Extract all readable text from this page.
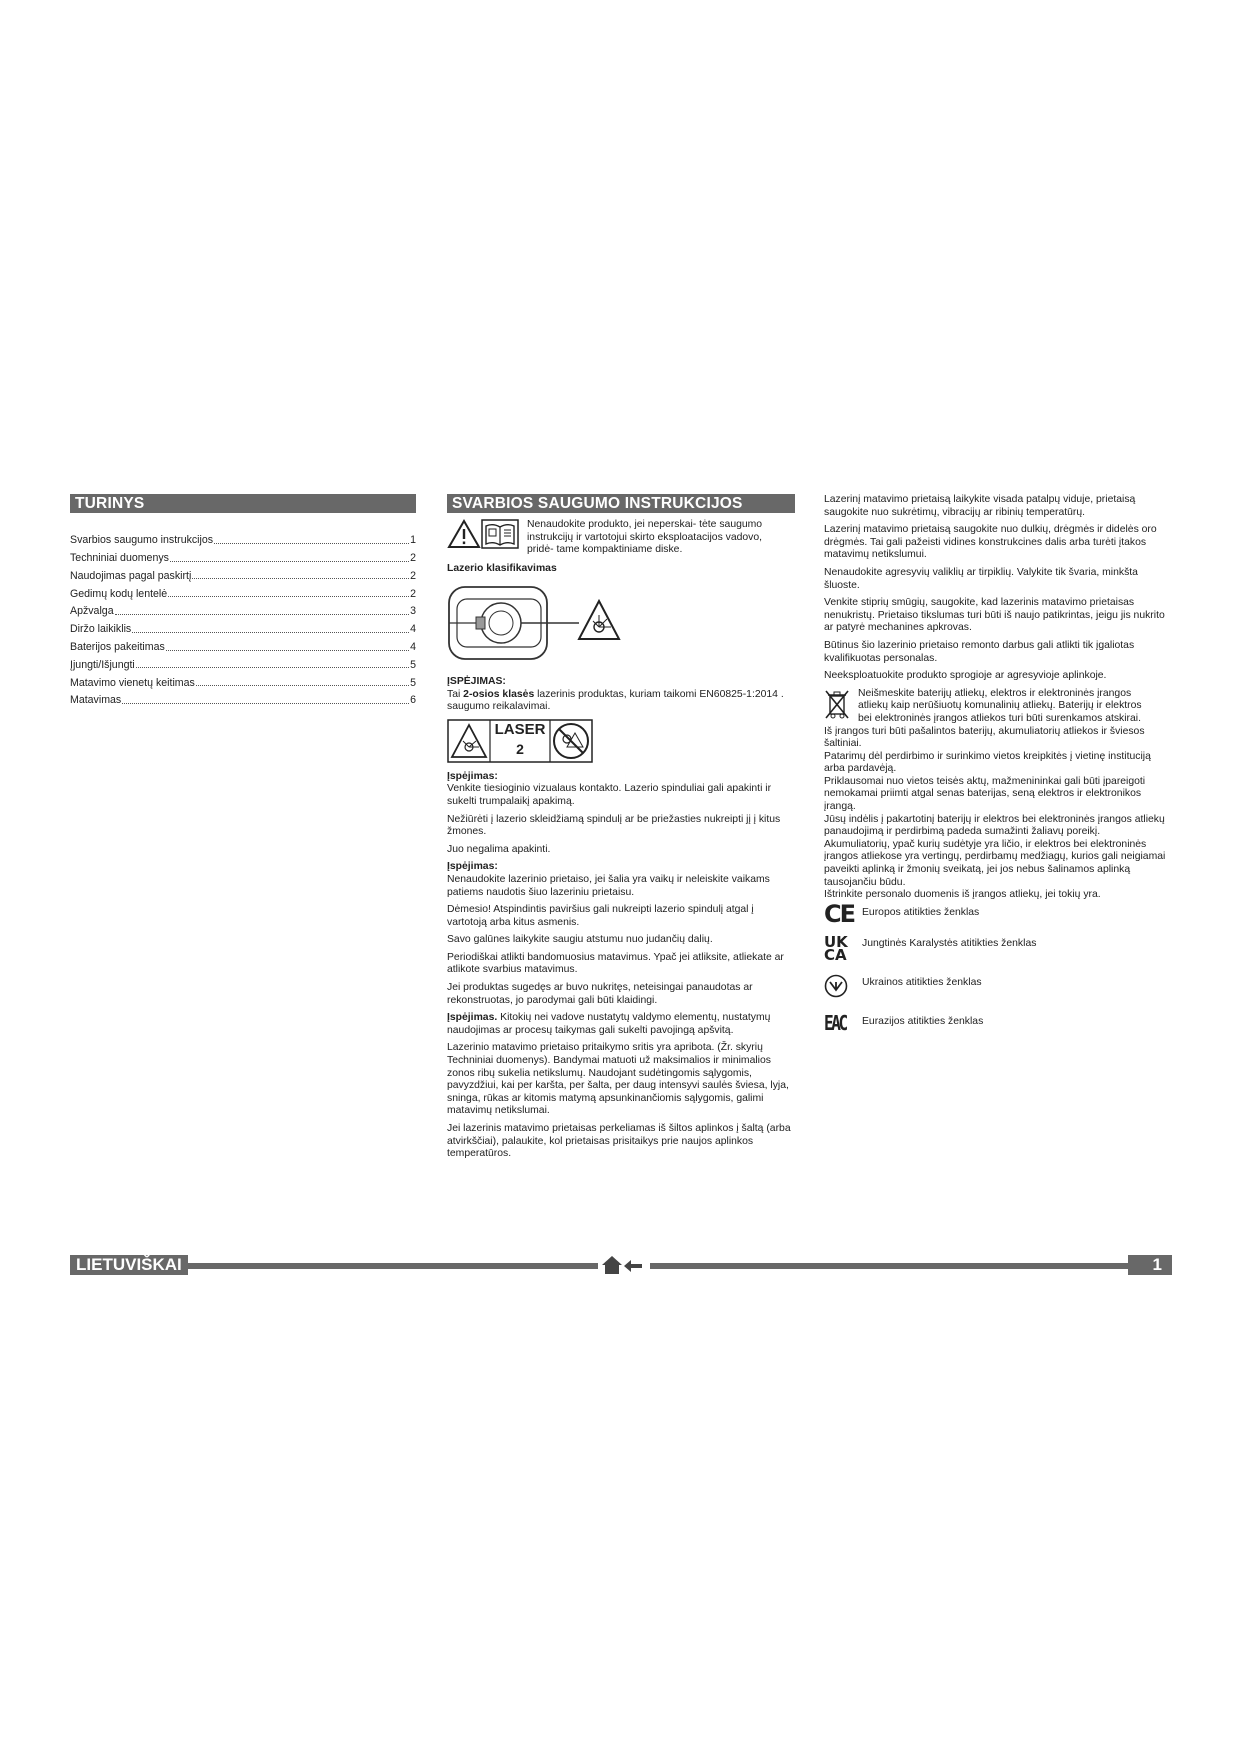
TURINYS
Svarbios saugumo instrukcijos	1
Techniniai duomenys	2
Naudojimas pagal paskirtį	2
Gedimų kodų lentelė	2
Apžvalga	3
Diržo laikiklis	4
Baterijos pakeitimas	4
Įjungti/Išjungti	5
Matavimo vienetų keitimas	5
Matavimas	6
SVARBIOS SAUGUMO INSTRUKCIJOS
Nenaudokite produkto, jei neperskai- tėte saugumo instrukcijų ir vartotojui skirto eksploatacijos vadovo, pridė- tame kompaktiniame diske.

Lazerio klasifikavimas

ĮSPĖJIMAS:

Tai 2-osios klasės lazerinis produktas, kuriam taikomi EN60825-1:2014 . saugumo reikalavimai.

LASER
2

Įspėjimas:

Venkite tiesioginio vizualaus kontakto. Lazerio spinduliai gali apakinti ir sukelti trumpalaikį apakimą.

Nežiūrėti į lazerio skleidžiamą spindulį ar be priežasties nukreipti jį į kitus žmones.

Juo negalima apakinti.

Įspėjimas:

Nenaudokite lazerinio prietaiso, jei šalia yra vaikų ir neleiskite vaikams patiems naudotis šiuo lazeriniu prietaisu.

Dėmesio! Atspindintis paviršius gali nukreipti lazerio spindulį atgal į vartotoją arba kitus asmenis.

Savo galūnes laikykite saugiu atstumu nuo judančių dalių.

Periodiškai atlikti bandomuosius matavimus. Ypač jei atliksite, atliekate ar atlikote svarbius matavimus.

Jei produktas sugedęs ar buvo nukritęs, neteisingai panaudotas ar rekonstruotas, jo parodymai gali būti klaidingi.

Įspėjimas. Kitokių nei vadove nustatytų valdymo elementų, nustatymų naudojimas ar procesų taikymas gali sukelti pavojingą apšvitą.

Lazerinio matavimo prietaiso pritaikymo sritis yra apribota. (Žr. skyrių Techniniai duomenys). Bandymai matuoti už maksimalios ir minimalios zonos ribų sukelia netikslumų. Naudojant sudėtingomis sąlygomis, pavyzdžiui, kai per karšta, per šalta, per daug intensyvi saulės šviesa, lyja, sninga, rūkas ar kitomis matymą apsunkinančiomis sąlygomis, galimi matavimų netikslumai.

Jei lazerinis matavimo prietaisas perkeliamas iš šiltos aplinkos į šaltą (arba atvirkščiai), palaukite, kol prietaisas prisitaikys prie naujos aplinkos temperatūros.

Lazerinį matavimo prietaisą laikykite visada patalpų viduje, prietaisą saugokite nuo sukrėtimų, vibracijų ar ribinių temperatūrų.

Lazerinį matavimo prietaisą saugokite nuo dulkių, drėgmės ir didelės oro drėgmės. Tai gali pažeisti vidines konstrukcines dalis arba turėti įtakos matavimų netikslumui.

Nenaudokite agresyvių valiklių ar tirpiklių. Valykite tik švaria, minkšta šluoste.

Venkite stiprių smūgių, saugokite, kad lazerinis matavimo prietaisas nenukristų. Prietaiso tikslumas turi būti iš naujo patikrintas, jeigu jis nukrito ar patyrė mechanines apkrovas.

Būtinus šio lazerinio prietaiso remonto darbus gali atlikti tik įgaliotas kvalifikuotas personalas.

Neeksploatuokite produkto sprogioje ar agresyvioje aplinkoje.

Neišmeskite baterijų atliekų, elektros ir elektroninės įrangos atliekų kaip nerūšiuotų komunalinių atliekų. Baterijų ir elektros bei elektroninės įrangos atliekos turi būti surenkamos atskirai.

Iš įrangos turi būti pašalintos baterijų, akumuliatorių atliekos ir šviesos šaltiniai.

Patarimų dėl perdirbimo ir surinkimo vietos kreipkitės į vietinę instituciją arba pardavėją.

Priklausomai nuo vietos teisės aktų, mažmenininkai gali būti įpareigoti nemokamai priimti atgal senas baterijas, seną elektros ir elektronikos įrangą.

Jūsų indėlis į pakartotinį baterijų ir elektros bei elektroninės įrangos atliekų panaudojimą ir perdirbimą padeda sumažinti žaliavų poreikį.

Akumuliatorių, ypač kurių sudėtyje yra ličio, ir elektros bei elektroninės įrangos atliekose yra vertingų, perdirbamų medžiagų, kurios gali neigiamai paveikti aplinką ir žmonių sveikatą, jei jos nebus šalinamos aplinką tausojančiu būdu.

Ištrinkite personalo duomenis iš įrangos atliekų, jei tokių yra.

CE Europos atitikties ženklas
UK
CA
Jungtinės Karalystės atitikties ženklas
Ukrainos atitikties ženklas
EAC	Eurazijos atitikties ženklas
LIETUVIŠKAI	1
